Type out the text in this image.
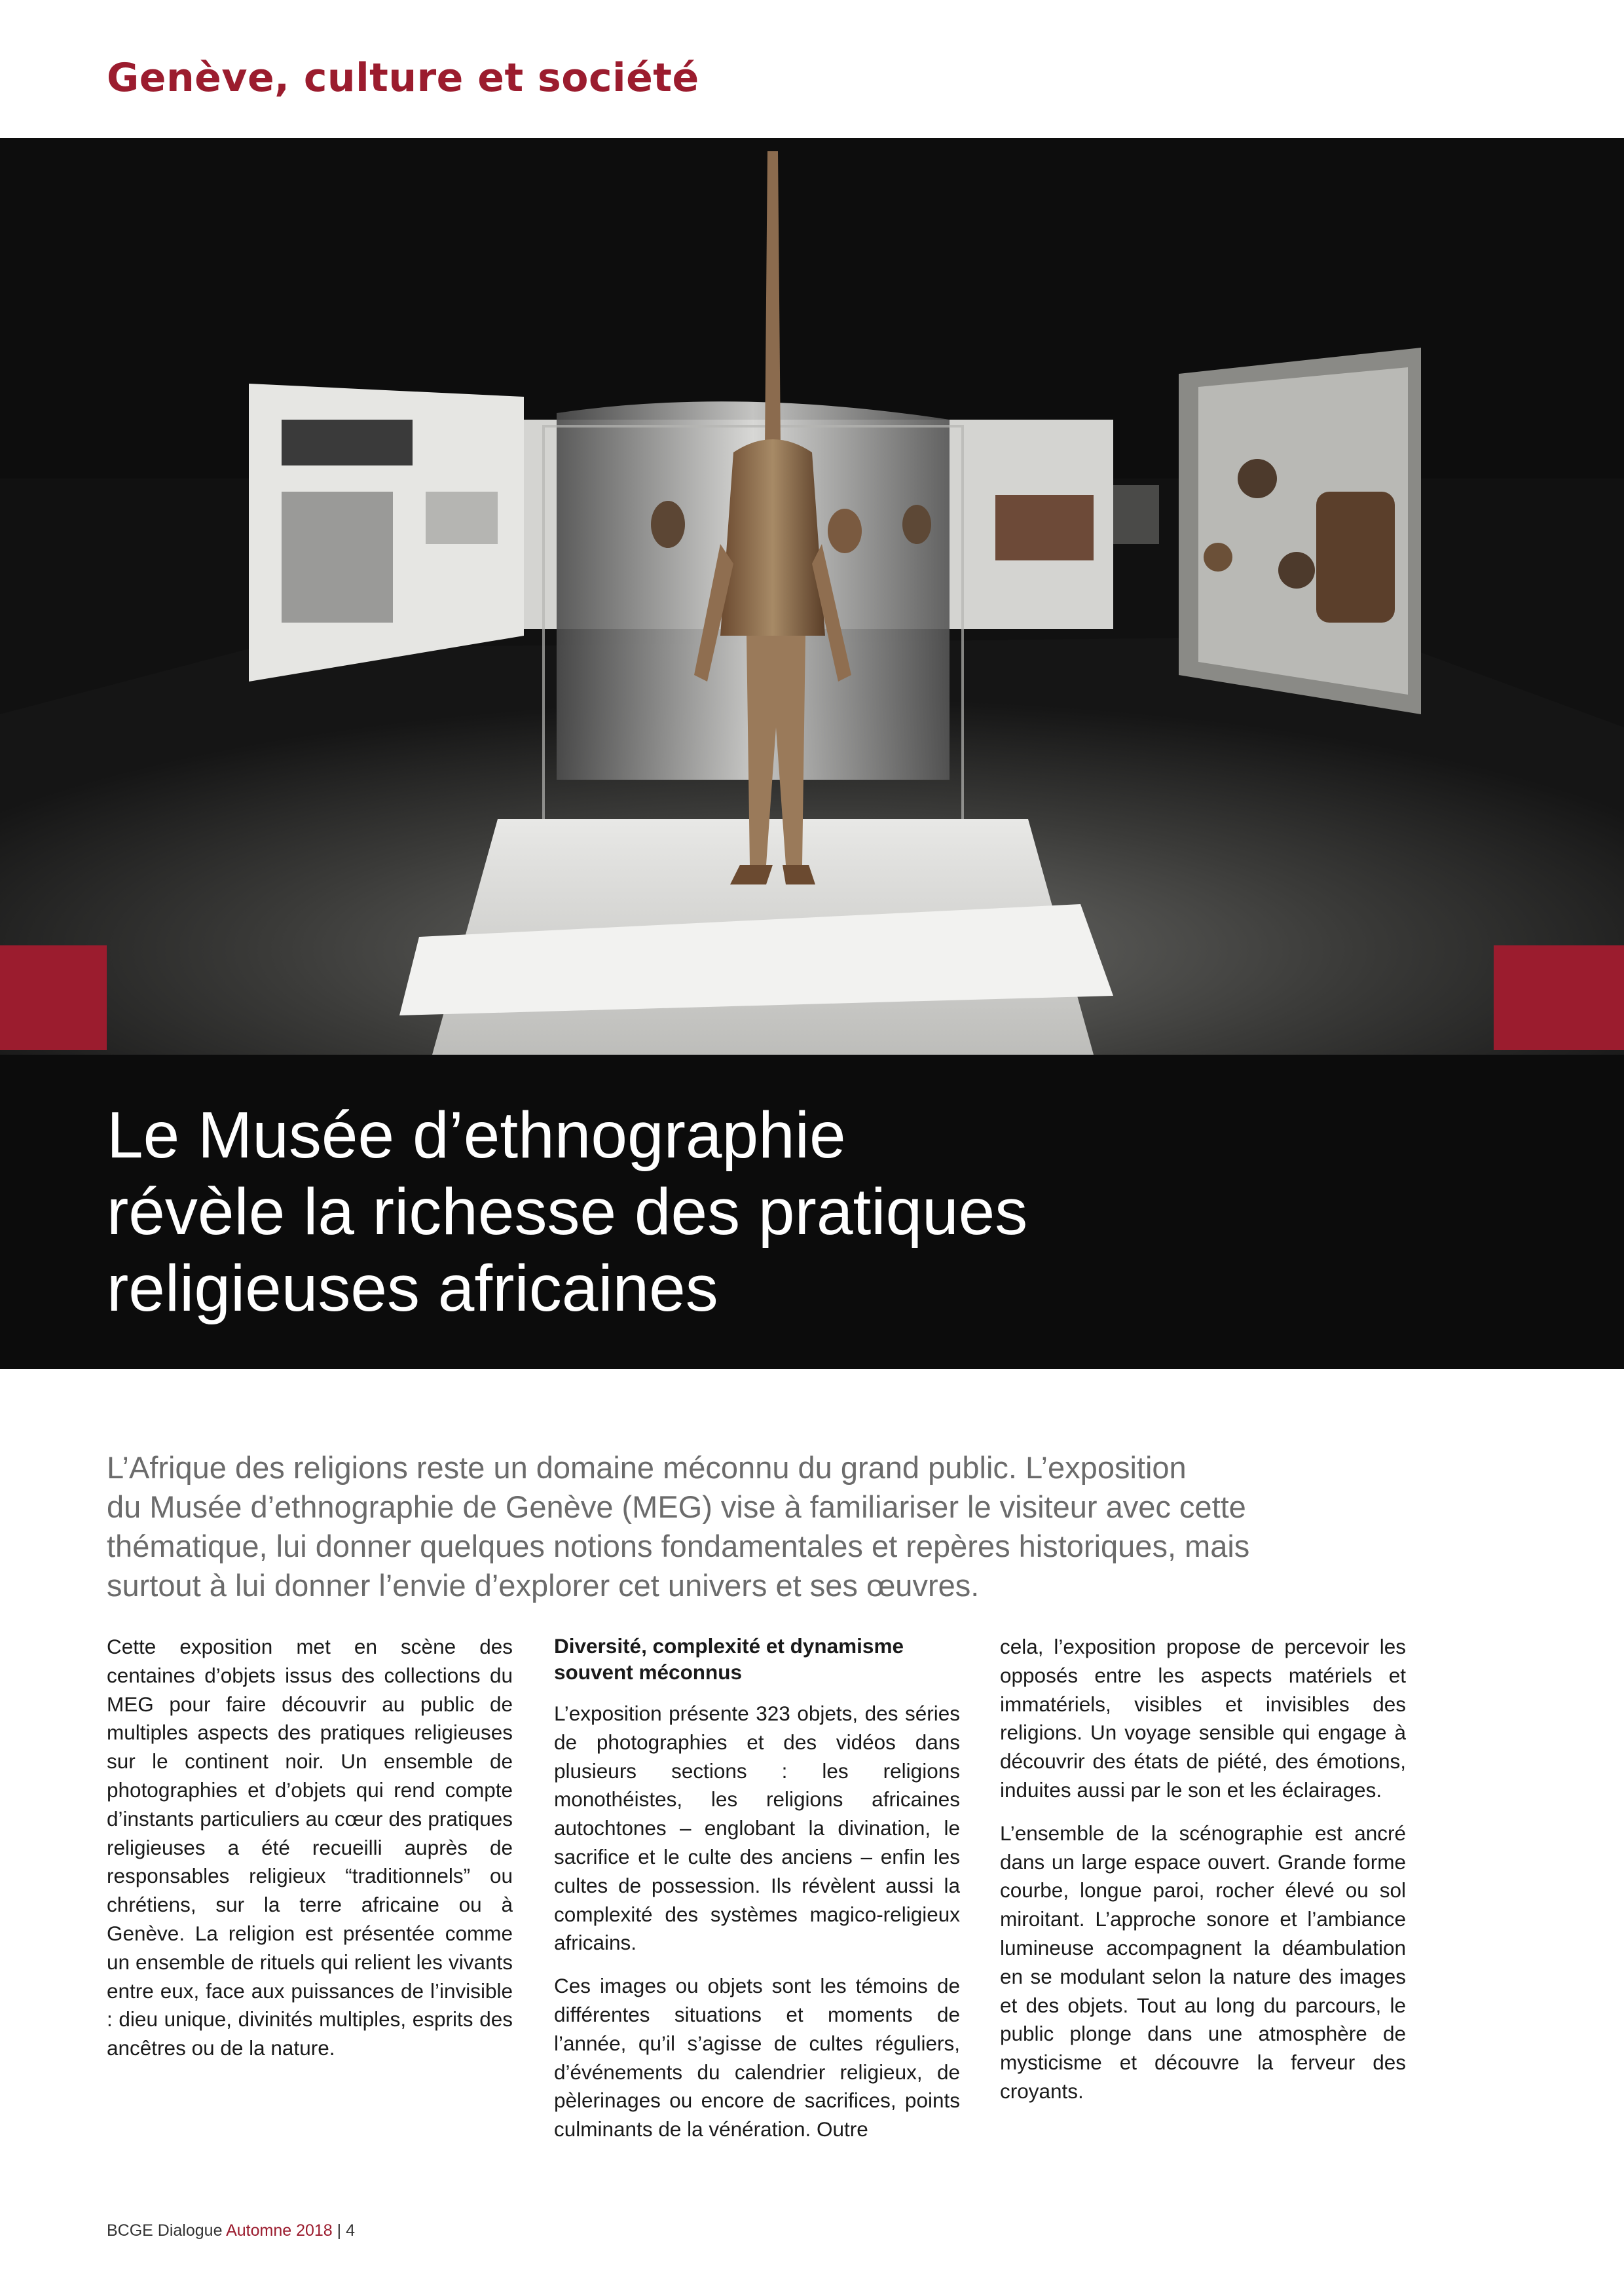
Genève, culture et société
Le Musée d’ethnographie
révèle la richesse des pratiques
religieuses africaines

L’Afrique des religions reste un domaine méconnu du grand public. L’exposition
du Musée d’ethnographie de Genève (MEG) vise à familiariser le visiteur avec cette
thématique, lui donner quelques notions fondamentales et repères historiques, mais
surtout à lui donner l’envie d’explorer cet univers et ses œuvres.

Cette exposition met en scène des centaines d’objets issus des collections du MEG pour faire découvrir au public de multiples aspects des pratiques religieuses sur le continent noir. Un ensemble de photographies et d’objets qui rend compte d’instants particuliers au cœur des pratiques religieuses a été recueilli auprès de responsables religieux “traditionnels” ou chrétiens, sur la terre africaine ou à Genève. La religion est présentée comme un ensemble de rituels qui relient les vivants entre eux, face aux puissances de l’invisible : dieu unique, divinités multiples, esprits des ancêtres ou de la nature.

Diversité, complexité et dynamisme souvent méconnus

L’exposition présente 323 objets, des séries de photographies et des vidéos dans plusieurs sections : les religions monothéistes, les religions africaines autochtones – englobant la divination, le sacrifice et le culte des anciens – enfin les cultes de possession. Ils révèlent aussi la complexité des systèmes magico-religieux africains.

Ces images ou objets sont les témoins de différentes situations et moments de l’année, qu’il s’agisse de cultes réguliers, d’événements du calendrier religieux, de pèlerinages ou encore de sacrifices, points culminants de la vénération. Outre

cela, l’exposition propose de percevoir les opposés entre les aspects matériels et immatériels, visibles et invisibles des religions. Un voyage sensible qui engage à découvrir des états de piété, des émotions, induites aussi par le son et les éclairages.

L’ensemble de la scénographie est ancré dans un large espace ouvert. Grande forme courbe, longue paroi, rocher élevé ou sol miroitant. L’approche sonore et l’ambiance lumineuse accompagnent la déambulation en se modulant selon la nature des images et des objets. Tout au long du parcours, le public plonge dans une atmosphère de mysticisme et découvre la ferveur des croyants.

BCGE Dialogue Automne 2018 | 4
